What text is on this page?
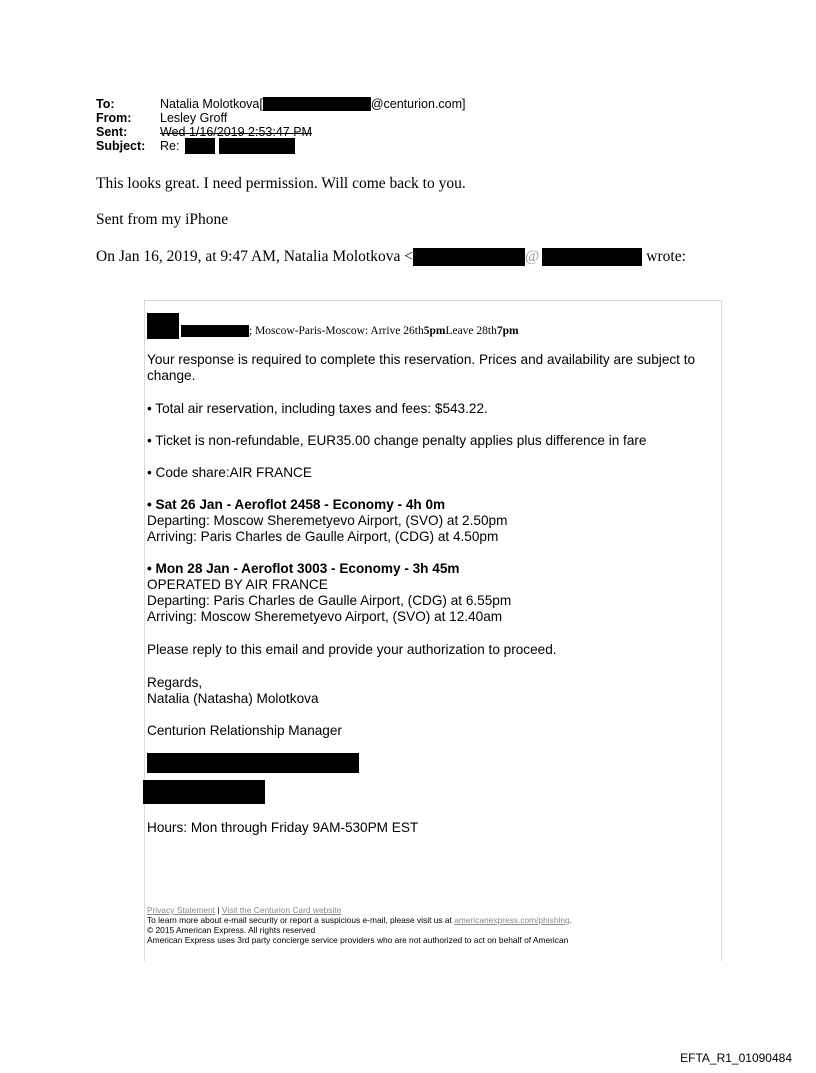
To:	Natalia Molotkova[	@centurion.com]
From:	Lesley Groff
Sent:	Wed 1/16/2019 2:53:47 PM
Subject:	Re:
This looks great. I need permission. Will come back to you.
Sent from my iPhone
On Jan 16, 2019, at 9:47 AM, Natalia Molotkova <	@	wrote:
; Moscow-Paris-Moscow: Arrive 26th 5pm Leave 28th 7pm
Your response is required to complete this reservation. Prices and availability are subject to change.
• Total air reservation, including taxes and fees: $543.22.
• Ticket is non-refundable, EUR35.00 change penalty applies plus difference in fare
• Code share:AIR FRANCE
• Sat 26 Jan - Aeroflot 2458 - Economy - 4h 0m
Departing: Moscow Sheremetyevo Airport, (SVO) at 2.50pm
Arriving: Paris Charles de Gaulle Airport, (CDG) at 4.50pm
• Mon 28 Jan - Aeroflot 3003 - Economy - 3h 45m
OPERATED BY AIR FRANCE
Departing: Paris Charles de Gaulle Airport, (CDG) at 6.55pm
Arriving: Moscow Sheremetyevo Airport, (SVO) at 12.40am
Please reply to this email and provide your authorization to proceed.
Regards,
Natalia (Natasha) Molotkova
Centurion Relationship Manager
Hours: Mon through Friday 9AM-530PM EST
Privacy Statement | Visit the Centurion Card website
To learn more about e-mail security or report a suspicious e-mail, please visit us at americanexpress.com/phishing.
© 2015 American Express. All rights reserved
American Express uses 3rd party concierge service providers who are not authorized to act on behalf of American
EFTA_R1_01090484
